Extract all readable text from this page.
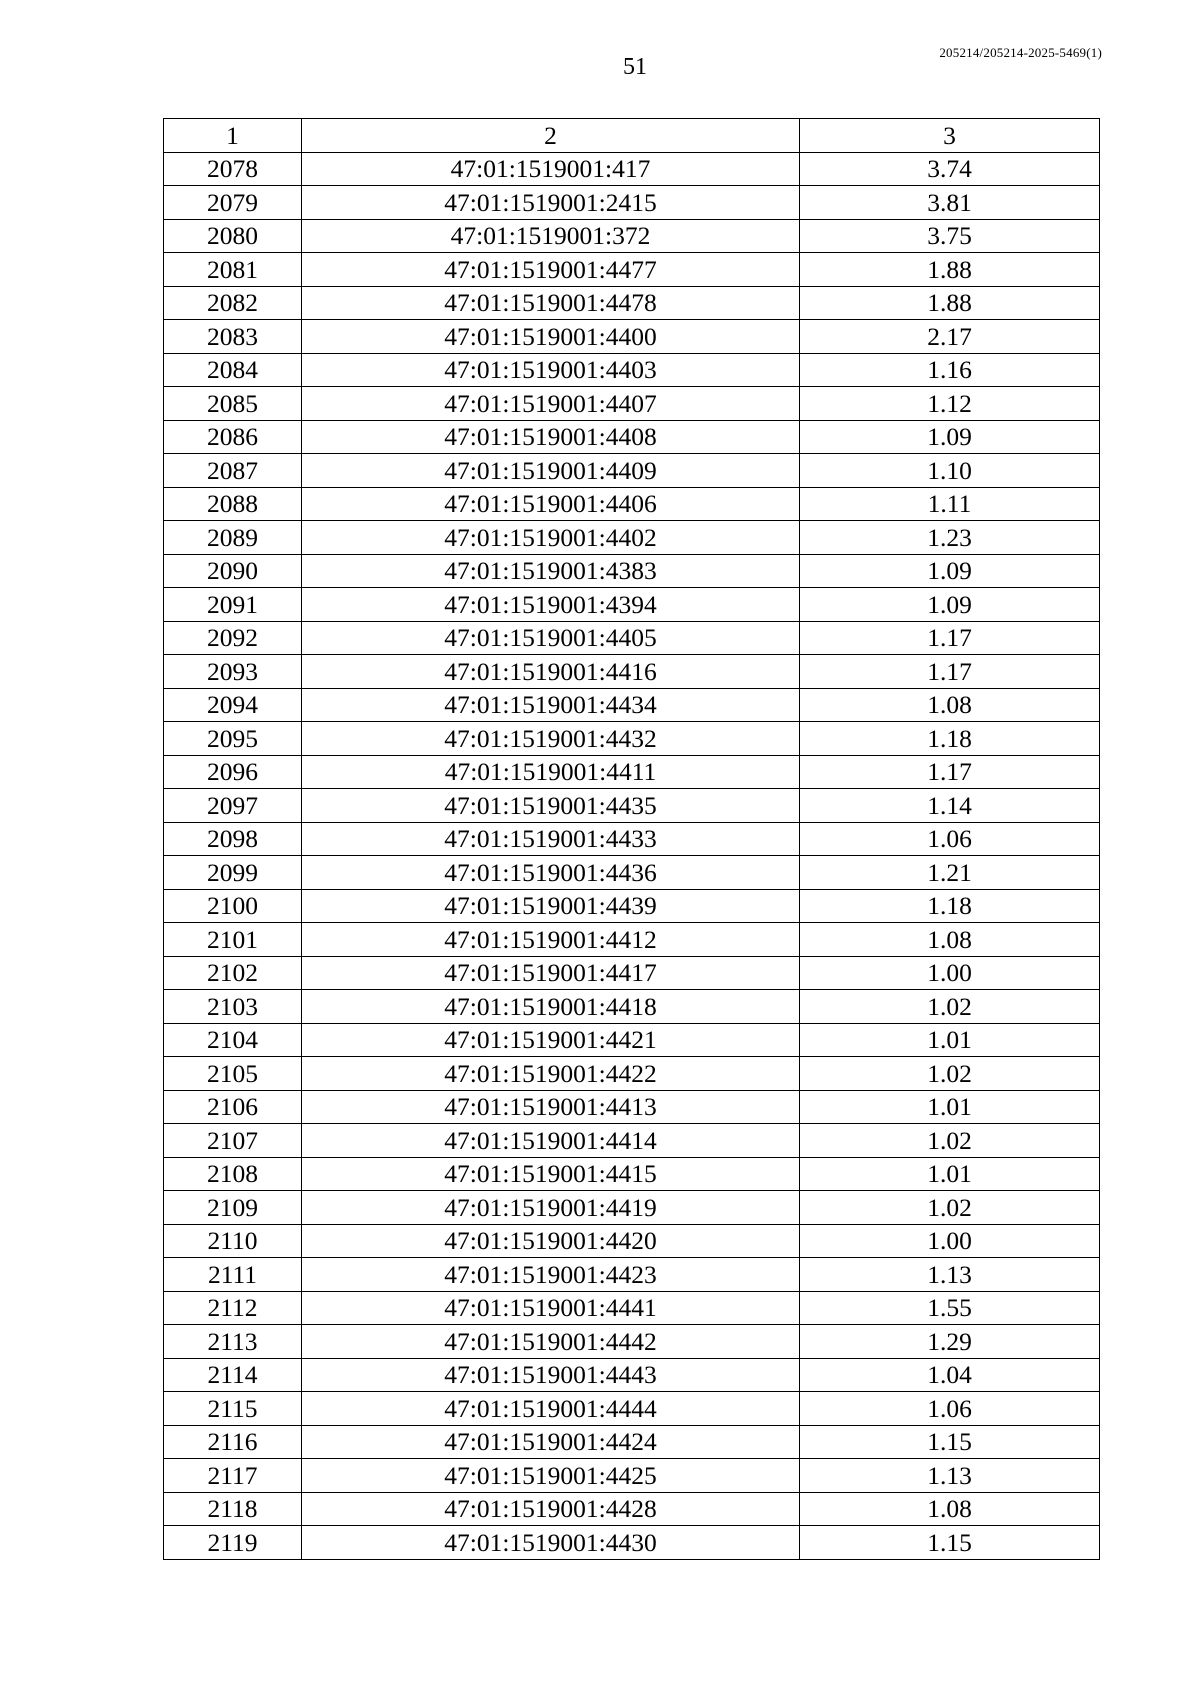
51
205214/205214-2025-5469(1)
1	2	3
2078	47:01:1519001:417	3.74
2079	47:01:1519001:2415	3.81
2080	47:01:1519001:372	3.75
2081	47:01:1519001:4477	1.88
2082	47:01:1519001:4478	1.88
2083	47:01:1519001:4400	2.17
2084	47:01:1519001:4403	1.16
2085	47:01:1519001:4407	1.12
2086	47:01:1519001:4408	1.09
2087	47:01:1519001:4409	1.10
2088	47:01:1519001:4406	1.11
2089	47:01:1519001:4402	1.23
2090	47:01:1519001:4383	1.09
2091	47:01:1519001:4394	1.09
2092	47:01:1519001:4405	1.17
2093	47:01:1519001:4416	1.17
2094	47:01:1519001:4434	1.08
2095	47:01:1519001:4432	1.18
2096	47:01:1519001:4411	1.17
2097	47:01:1519001:4435	1.14
2098	47:01:1519001:4433	1.06
2099	47:01:1519001:4436	1.21
2100	47:01:1519001:4439	1.18
2101	47:01:1519001:4412	1.08
2102	47:01:1519001:4417	1.00
2103	47:01:1519001:4418	1.02
2104	47:01:1519001:4421	1.01
2105	47:01:1519001:4422	1.02
2106	47:01:1519001:4413	1.01
2107	47:01:1519001:4414	1.02
2108	47:01:1519001:4415	1.01
2109	47:01:1519001:4419	1.02
2110	47:01:1519001:4420	1.00
2111	47:01:1519001:4423	1.13
2112	47:01:1519001:4441	1.55
2113	47:01:1519001:4442	1.29
2114	47:01:1519001:4443	1.04
2115	47:01:1519001:4444	1.06
2116	47:01:1519001:4424	1.15
2117	47:01:1519001:4425	1.13
2118	47:01:1519001:4428	1.08
2119	47:01:1519001:4430	1.15
